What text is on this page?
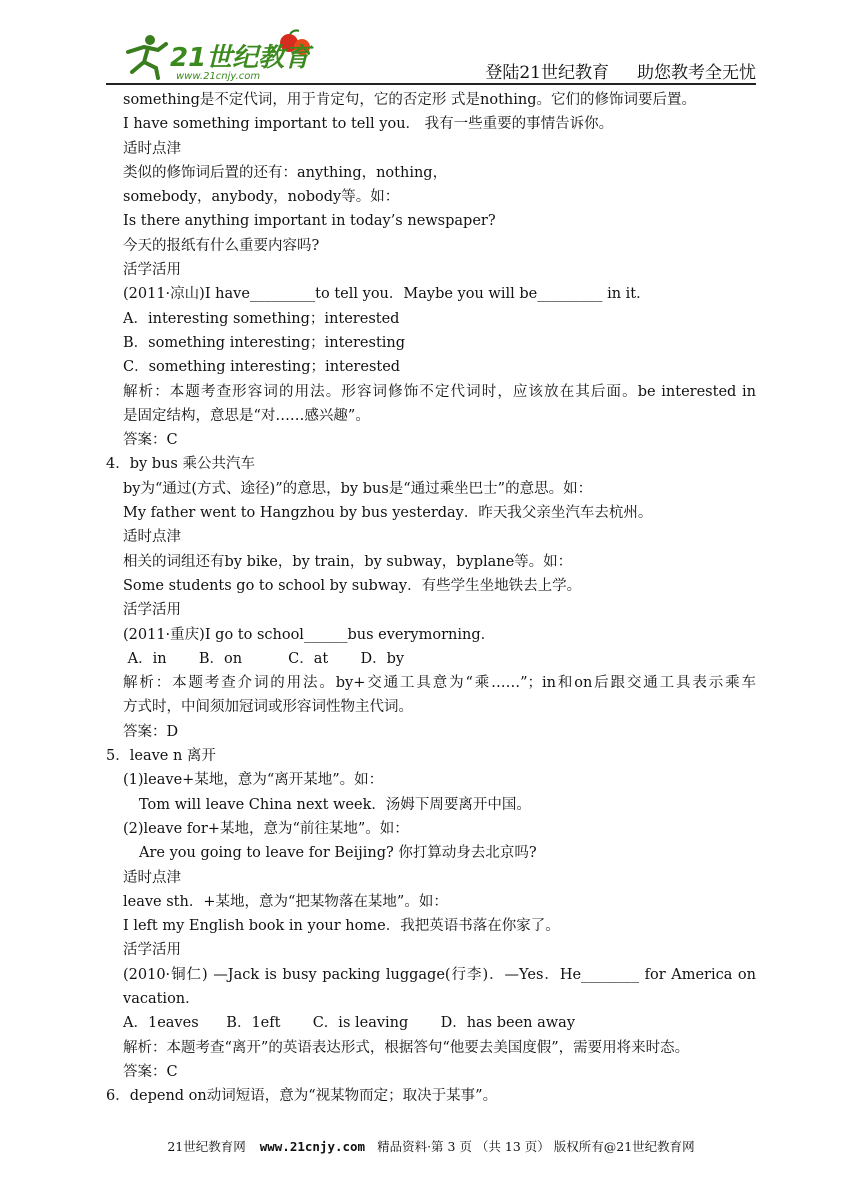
21世纪教育
www.21cnjy.com	登陆21世纪教育 助您教考全无忧
something是不定代词，用于肯定句，它的否定形 式是nothing。它们的修饰词要后置。
I have something important to tell you． 我有一些重要的事情告诉你。
适时点津
类似的修饰词后置的还有：anything，nothing，
somebody，anybody，nobody等。如：
Is there anything important in today’s newspaper?
今天的报纸有什么重要内容吗?
活学活用
(2011·凉山)I have_________to tell you．Maybe you will be_________ in it．
A．interesting something；interested
B．something interesting；interesting
C．something interesting；interested
解析：本题考查形容词的用法。形容词修饰不定代词时，应该放在其后面。be interested in
是固定结构，意思是“对……感兴趣”。
答案：C
4．by bus 乘公共汽车
by为“通过(方式、途径)”的意思，by bus是“通过乘坐巴士”的意思。如：
My father went to Hangzhou by bus yesterday．昨天我父亲坐汽车去杭州。
适时点津
相关的词组还有by bike，by train，by subway，byplane等。如：
Some students go to school by subway．有些学生坐地铁去上学。
活学活用
(2011·重庆)I go to school______bus everymorning．
A．in       B．on          C．at       D．by
解析：本题考查介词的用法。by+交通工具意为“乘……”；in和on后跟交通工具表示乘车
方式时，中间须加冠词或形容词性物主代词。
答案：D
5．leave n 离开
(1)leave+某地，意为“离开某地”。如：
Tom will leave China next week．汤姆下周要离开中国。
(2)leave for+某地，意为“前往某地”。如：
Are you going to leave for Beijing? 你打算动身去北京吗?
适时点津
leave sth．+某地，意为“把某物落在某地”。如：
I left my English book in your home．我把英语书落在你家了。
活学活用
(2010·铜仁) —Jack is busy packing luggage(行李)．—Yes．He________ for America on
vacation．
A．1eaves      B．1eft       C．is leaving       D．has been away
解析：本题考查“离开”的英语表达形式，根据答句“他要去美国度假”，需要用将来时态。
答案：C
6．depend on动词短语，意为“视某物而定；取决于某事”。
21世纪教育网 www.21cnjy.com 精品资料·第 3 页 （共 13 页） 版权所有@21世纪教育网
